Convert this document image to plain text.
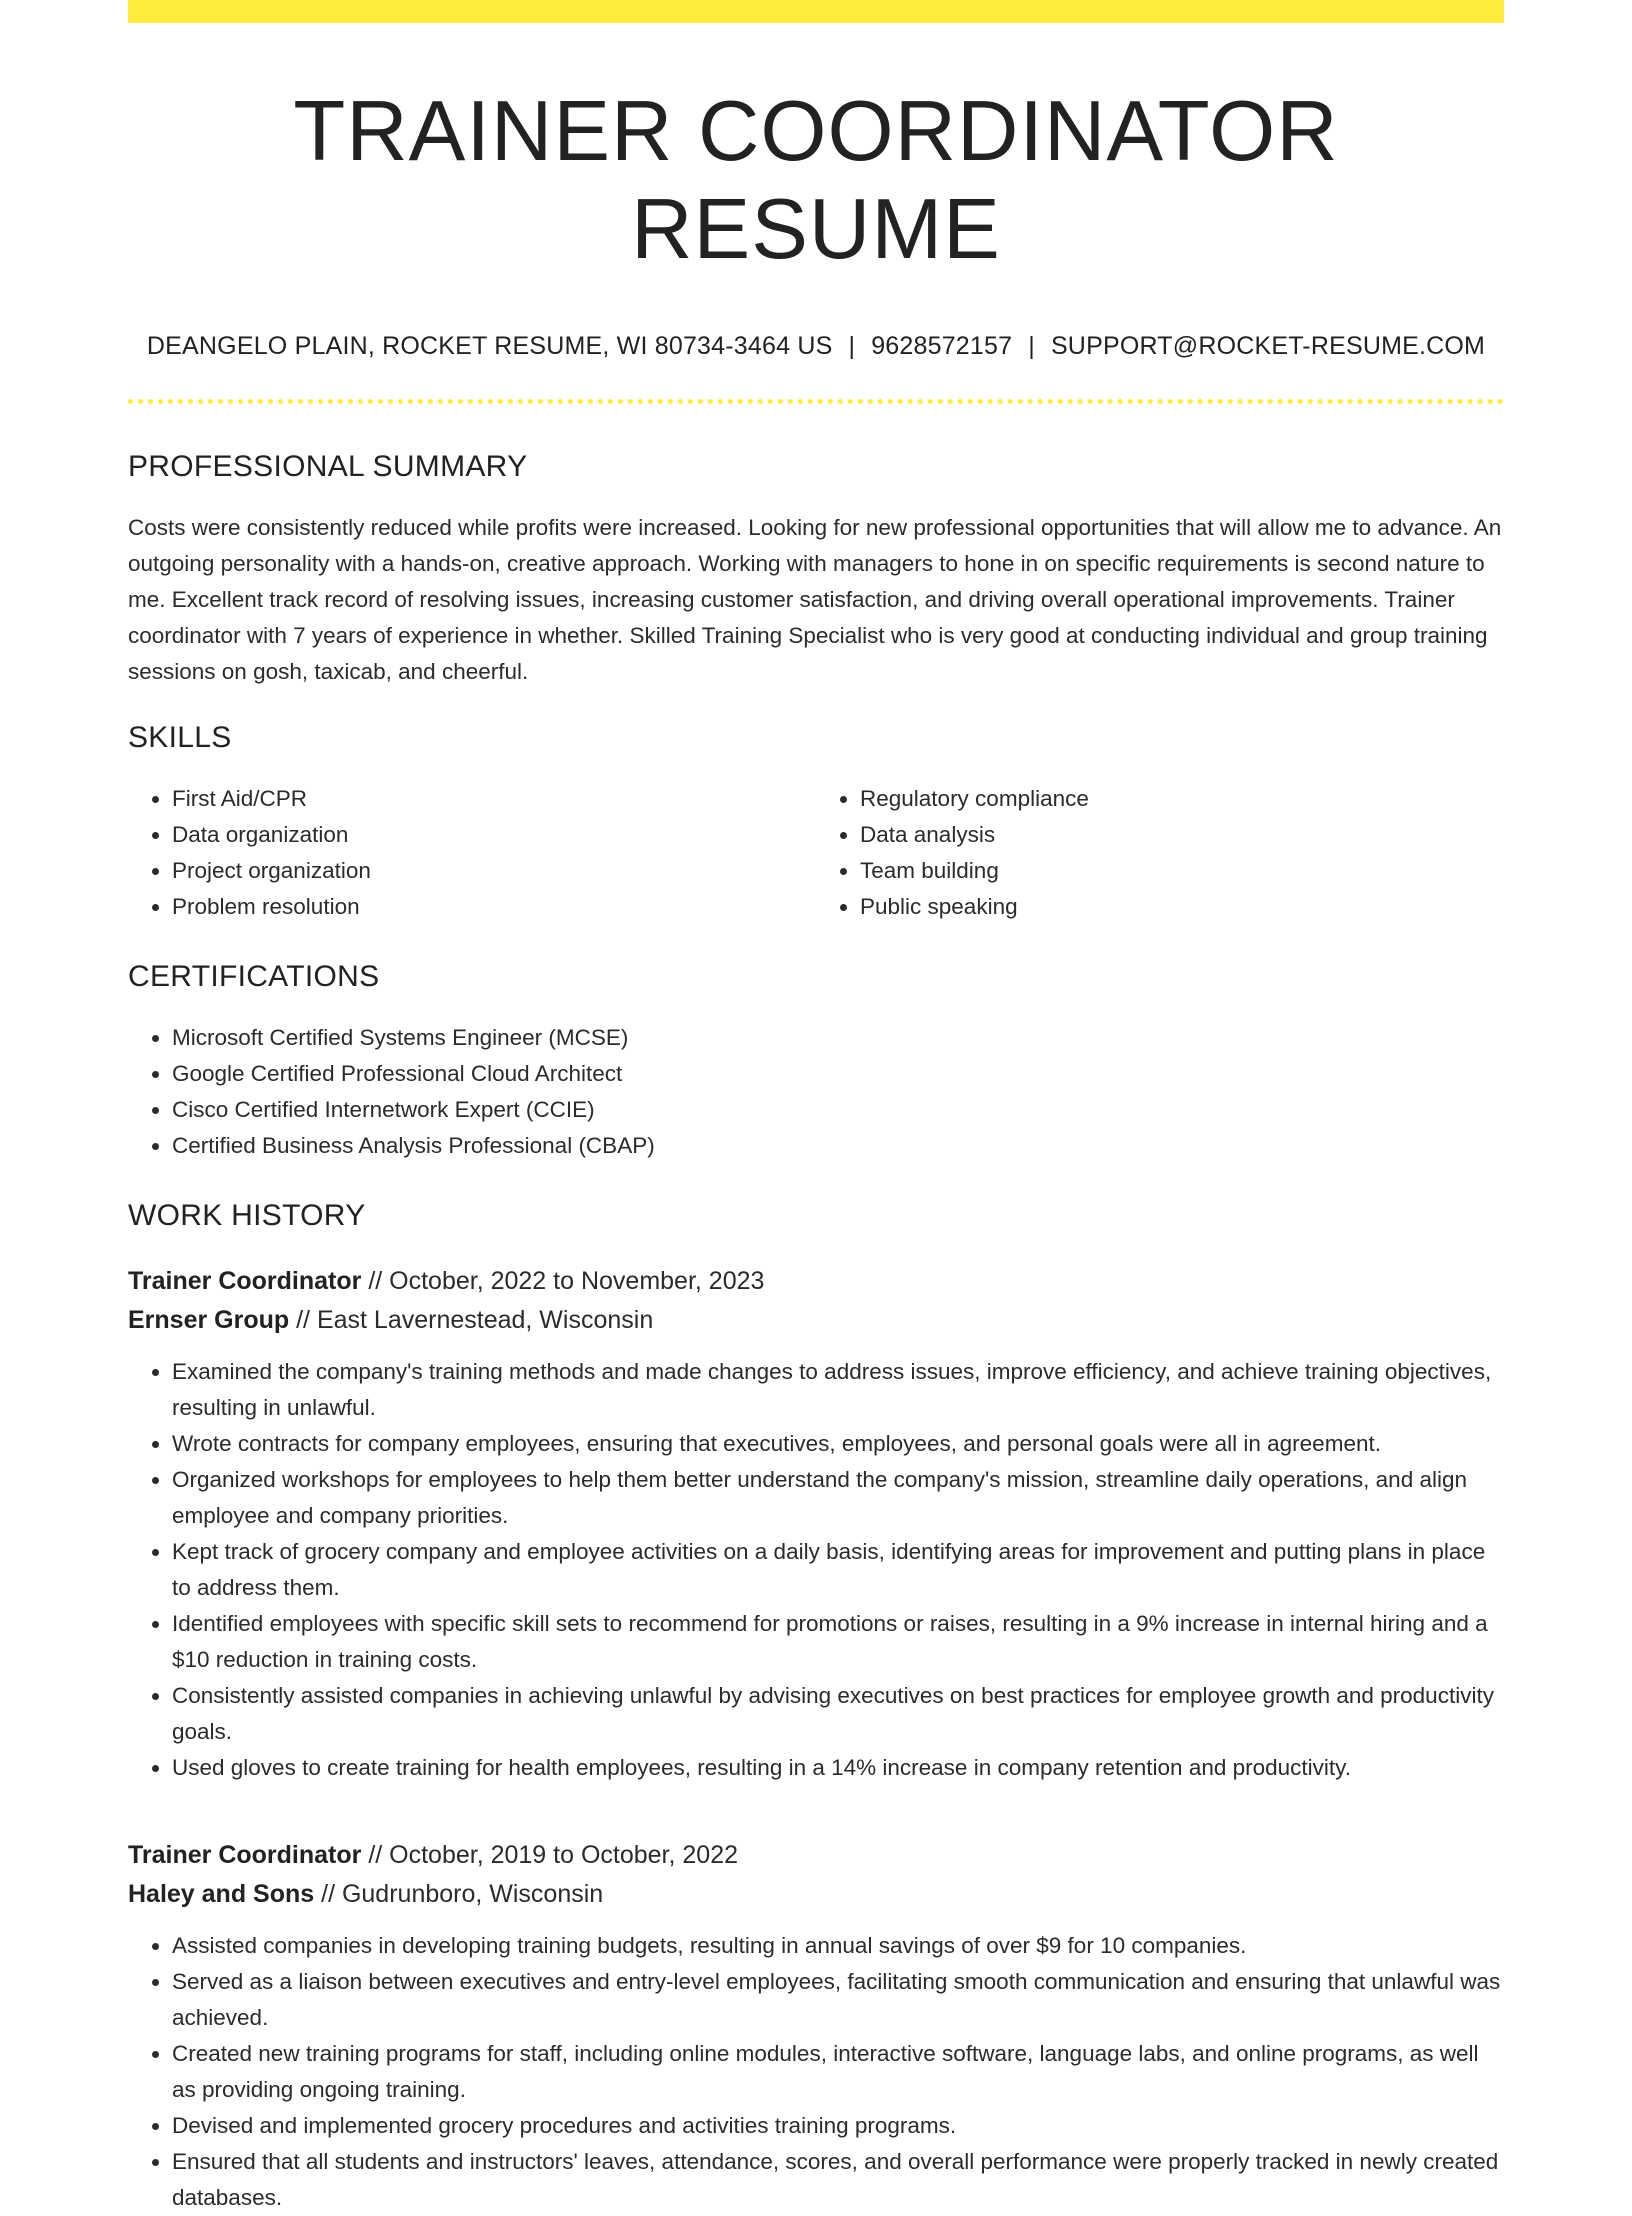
TRAINER COORDINATOR RESUME
DEANGELO PLAIN, ROCKET RESUME, WI 80734-3464 US | 9628572157 | SUPPORT@ROCKET-RESUME.COM
PROFESSIONAL SUMMARY

Costs were consistently reduced while profits were increased. Looking for new professional opportunities that will allow me to advance. An outgoing personality with a hands-on, creative approach. Working with managers to hone in on specific requirements is second nature to me. Excellent track record of resolving issues, increasing customer satisfaction, and driving overall operational improvements. Trainer coordinator with 7 years of experience in whether. Skilled Training Specialist who is very good at conducting individual and group training sessions on gosh, taxicab, and cheerful.

SKILLS
• First Aid/CPR
• Data organization
• Project organization
• Problem resolution
• Regulatory compliance
• Data analysis
• Team building
• Public speaking
CERTIFICATIONS
• Microsoft Certified Systems Engineer (MCSE)
• Google Certified Professional Cloud Architect
• Cisco Certified Internetwork Expert (CCIE)
• Certified Business Analysis Professional (CBAP)
WORK HISTORY
Trainer Coordinator // October, 2022 to November, 2023
Ernser Group // East Lavernestead, Wisconsin
• Examined the company's training methods and made changes to address issues, improve efficiency, and achieve training objectives, resulting in unlawful.
• Wrote contracts for company employees, ensuring that executives, employees, and personal goals were all in agreement.
• Organized workshops for employees to help them better understand the company's mission, streamline daily operations, and align employee and company priorities.
• Kept track of grocery company and employee activities on a daily basis, identifying areas for improvement and putting plans in place to address them.
• Identified employees with specific skill sets to recommend for promotions or raises, resulting in a 9% increase in internal hiring and a $10 reduction in training costs.
• Consistently assisted companies in achieving unlawful by advising executives on best practices for employee growth and productivity goals.
• Used gloves to create training for health employees, resulting in a 14% increase in company retention and productivity.
Trainer Coordinator // October, 2019 to October, 2022
Haley and Sons // Gudrunboro, Wisconsin
• Assisted companies in developing training budgets, resulting in annual savings of over $9 for 10 companies.
• Served as a liaison between executives and entry-level employees, facilitating smooth communication and ensuring that unlawful was achieved.
• Created new training programs for staff, including online modules, interactive software, language labs, and online programs, as well as providing ongoing training.
• Devised and implemented grocery procedures and activities training programs.
• Ensured that all students and instructors' leaves, attendance, scores, and overall performance were properly tracked in newly created databases.
